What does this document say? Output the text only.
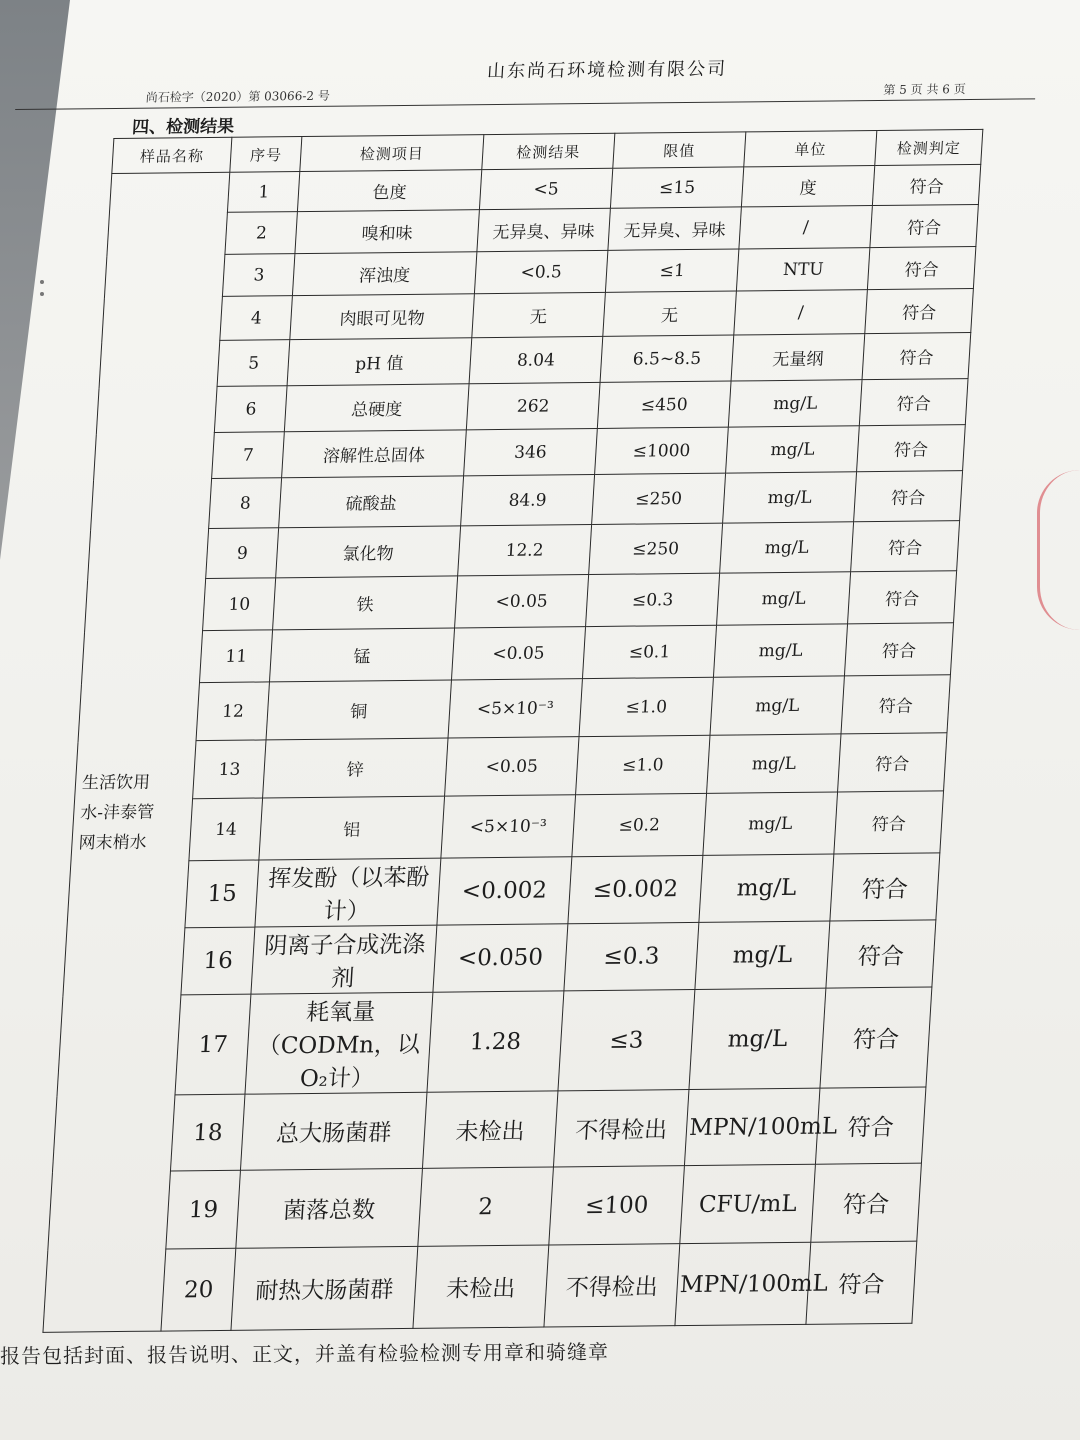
山东尚石环境检测有限公司
尚石检字（2020）第 03066-2 号	第 5 页 共 6 页
四、检测结果
样品名称	序号	检测项目	检测结果	限值	单位	检测判定

生活饮用
水-沣泰管
网末梢水	1	色度	<5	≤15	度	符合
	2	嗅和味	无异臭、异味	无异臭、异味	/	符合
	3	浑浊度	<0.5	≤1	NTU	符合
	4	肉眼可见物	无	无	/	符合
	5	pH 值	8.04	6.5~8.5	无量纲	符合
	6	总硬度	262	≤450	mg/L	符合
	7	溶解性总固体	346	≤1000	mg/L	符合
	8	硫酸盐	84.9	≤250	mg/L	符合
	9	氯化物	12.2	≤250	mg/L	符合
	10	铁	<0.05	≤0.3	mg/L	符合
	11	锰	<0.05	≤0.1	mg/L	符合
	12	铜	<5×10⁻³	≤1.0	mg/L	符合
	13	锌	<0.05	≤1.0	mg/L	符合
	14	铝	<5×10⁻³	≤0.2	mg/L	符合
	15	挥发酚（以苯酚计）	<0.002	≤0.002	mg/L	符合
	16	阴离子合成洗涤剂	<0.050	≤0.3	mg/L	符合
	17	耗氧量（CODMn，以 O₂计）	1.28	≤3	mg/L	符合
	18	总大肠菌群	未检出	不得检出	MPN/100mL	符合
	19	菌落总数	2	≤100	CFU/mL	符合
	20	耐热大肠菌群	未检出	不得检出	MPN/100mL	符合
报告包括封面、报告说明、正文，并盖有检验检测专用章和骑缝章
